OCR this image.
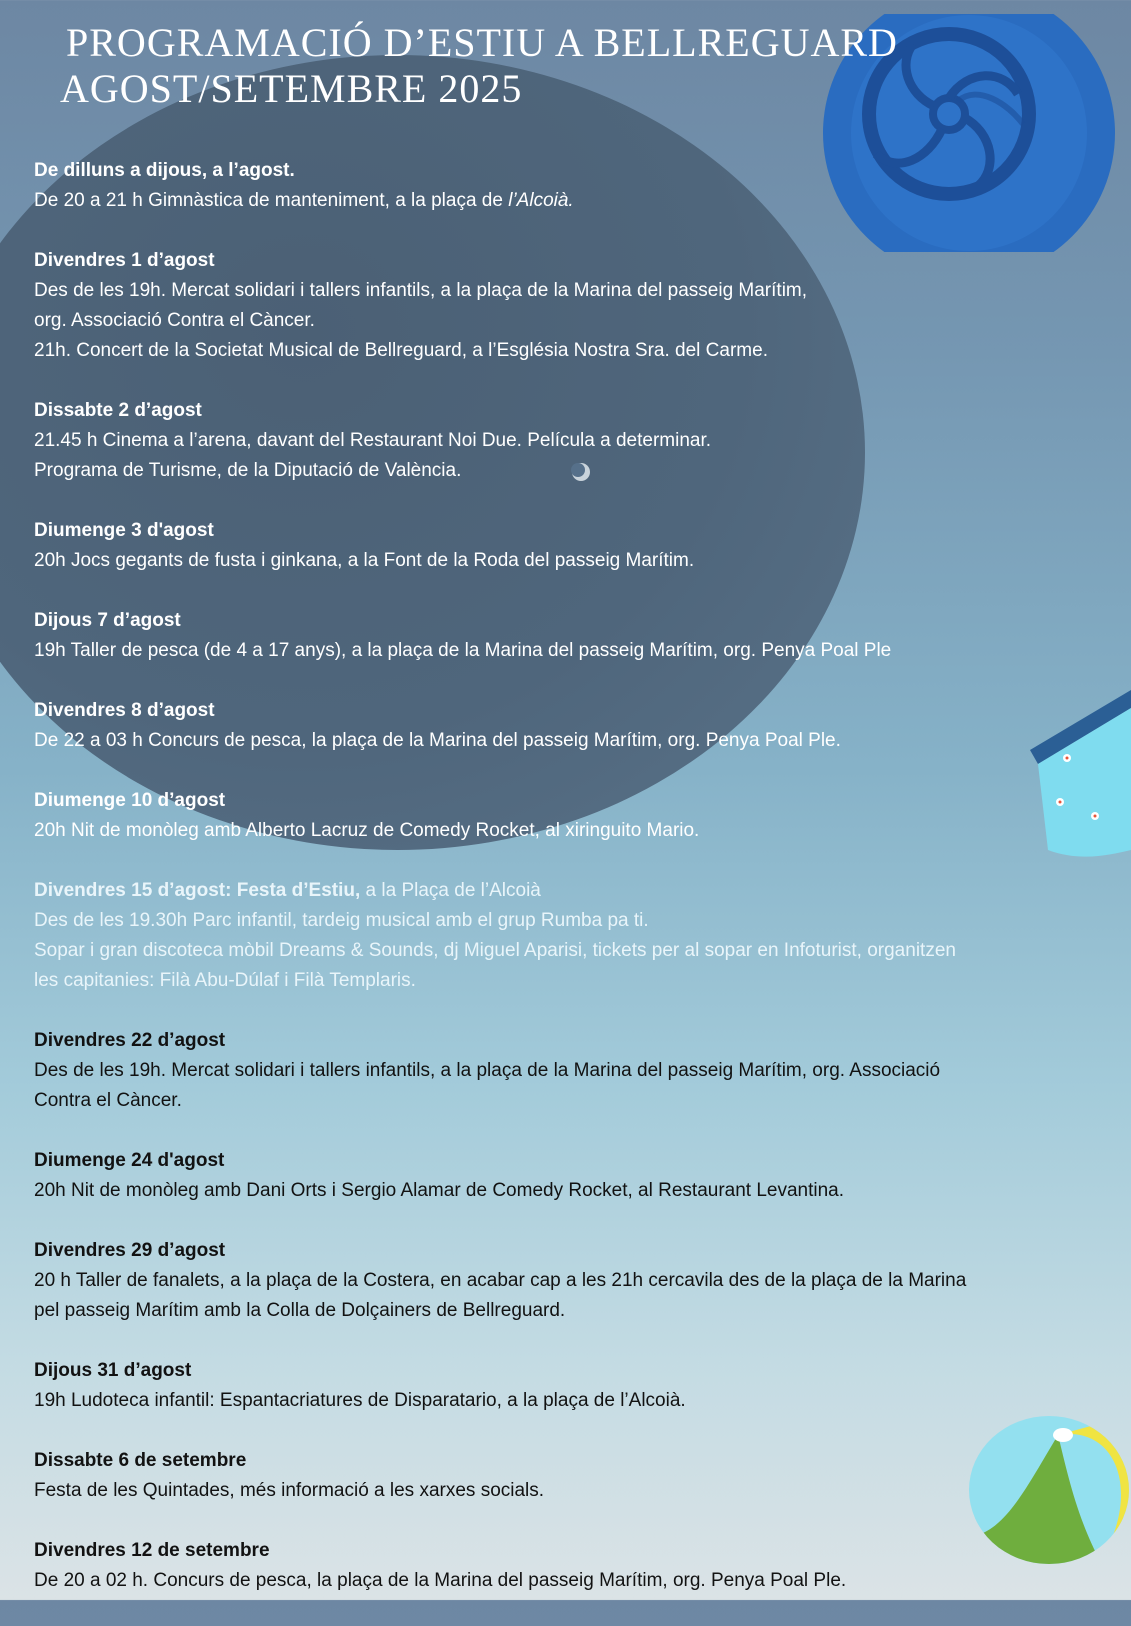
PROGRAMACIÓ D’ESTIU A BELLREGUARD
AGOST/SETEMBRE 2025
De dilluns a dijous, a l’agost.
De 20 a 21 h Gimnàstica de manteniment, a la plaça de l’Alcoià.
Divendres 1 d’agost
Des de les 19h. Mercat solidari i tallers infantils, a la plaça de la Marina del passeig Marítim,
org. Associació Contra el Càncer.
21h. Concert de la Societat Musical de Bellreguard, a l’Església Nostra Sra. del Carme.
Dissabte 2 d’agost
21.45 h Cinema a l’arena, davant del Restaurant Noi Due. Película a determinar.
Programa de Turisme, de la Diputació de València.
Diumenge 3 d'agost
20h Jocs gegants de fusta i ginkana, a la Font de la Roda del passeig Marítim.
Dijous 7 d’agost
19h Taller de pesca (de 4 a 17 anys), a la plaça de la Marina del passeig Marítim, org. Penya Poal Ple
Divendres 8 d’agost
De 22 a 03 h Concurs de pesca, la plaça de la Marina del passeig Marítim, org. Penya Poal Ple.
Diumenge 10 d’agost
20h Nit de monòleg amb Alberto Lacruz de Comedy Rocket, al xiringuito Mario.
Divendres 15 d’agost: Festa d’Estiu, a la Plaça de l’Alcoià
Des de les 19.30h Parc infantil, tardeig musical amb el grup Rumba pa ti.
Sopar i gran discoteca mòbil Dreams & Sounds, dj Miguel Aparisi, tickets per al sopar en Infoturist, organitzen
les capitanies: Filà Abu-Dúlaf i Filà Templaris.
Divendres 22 d’agost
Des de les 19h. Mercat solidari i tallers infantils, a la plaça de la Marina del passeig Marítim, org. Associació
Contra el Càncer.
Diumenge 24 d'agost
20h Nit de monòleg amb Dani Orts i Sergio Alamar de Comedy Rocket, al Restaurant Levantina.
Divendres 29 d’agost
20 h Taller de fanalets, a la plaça de la Costera, en acabar cap a les 21h cercavila des de la plaça de la Marina
pel passeig Marítim amb la Colla de Dolçainers de Bellreguard.
Dijous 31 d’agost
19h Ludoteca infantil: Espantacriatures de Disparatario, a la plaça de l’Alcoià.
Dissabte 6 de setembre
Festa de les Quintades, més informació a les xarxes socials.
Divendres 12 de setembre
De 20 a 02 h. Concurs de pesca, la plaça de la Marina del passeig Marítim, org. Penya Poal Ple.
